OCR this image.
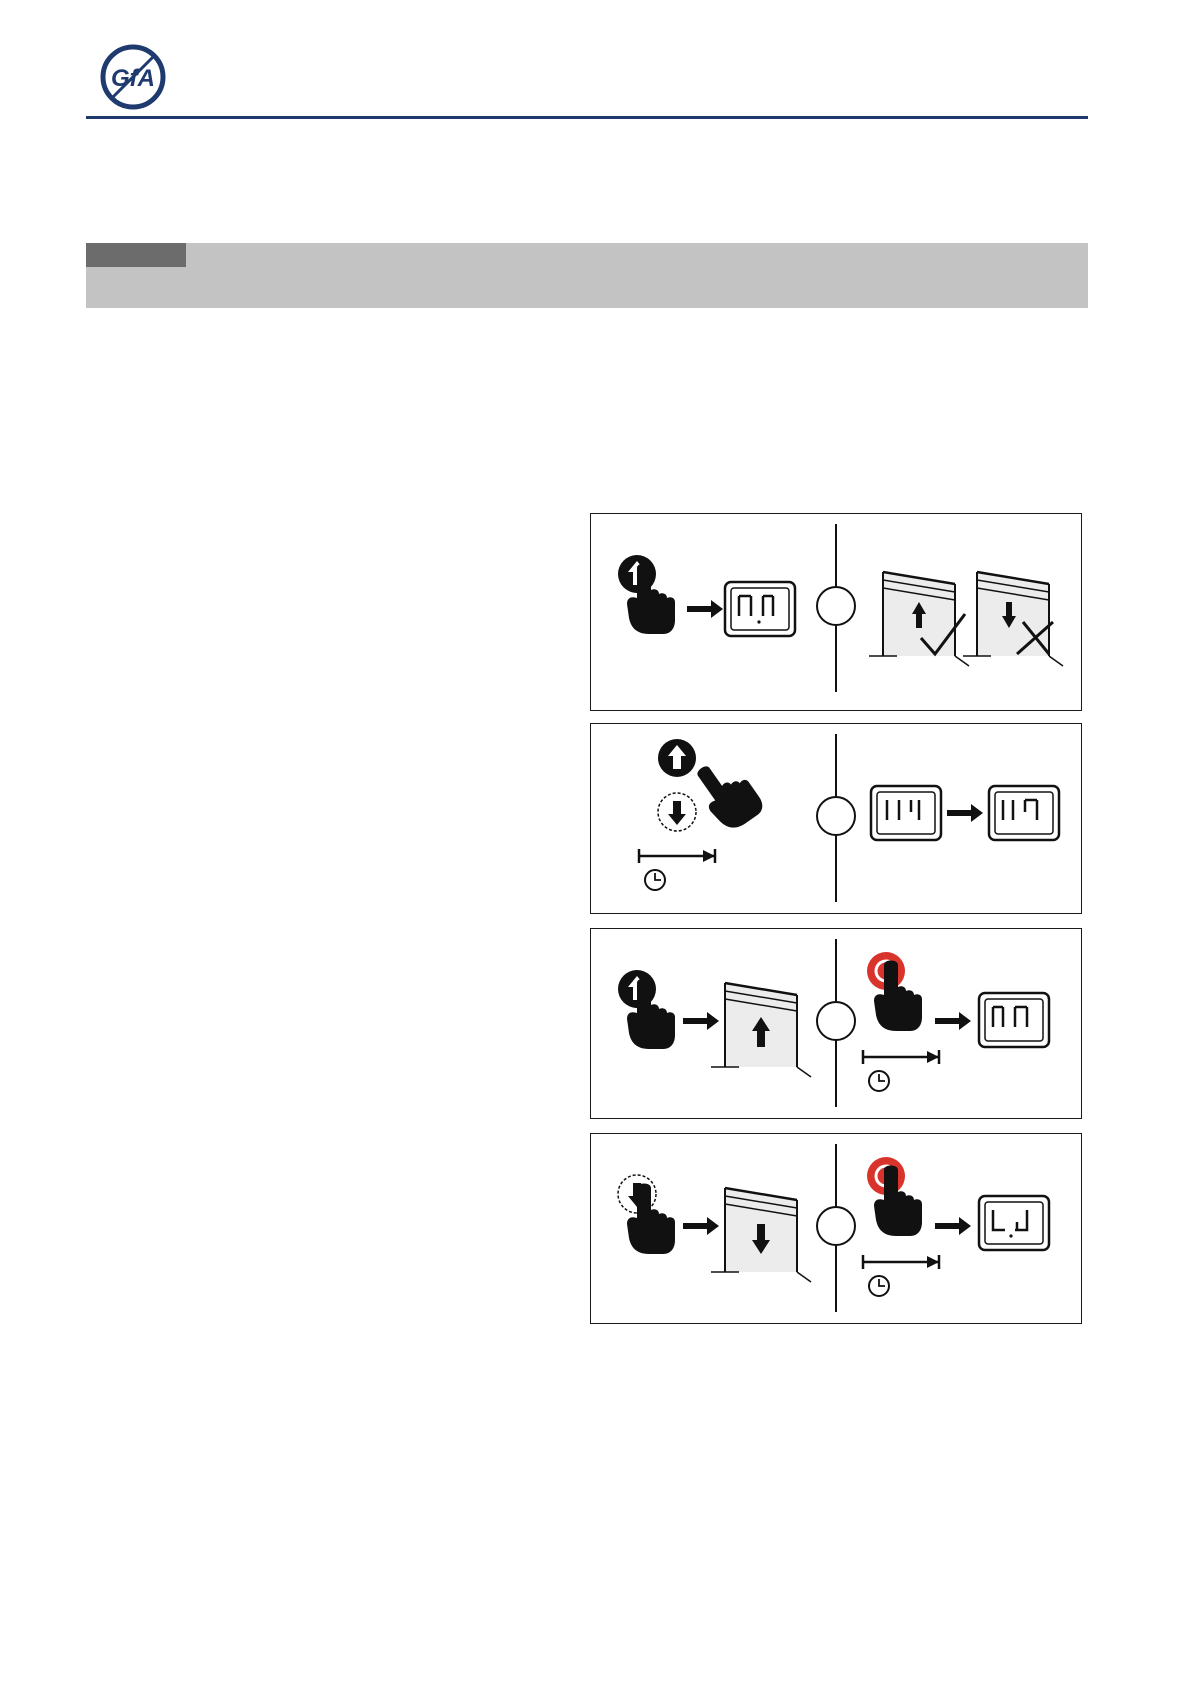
GfA
